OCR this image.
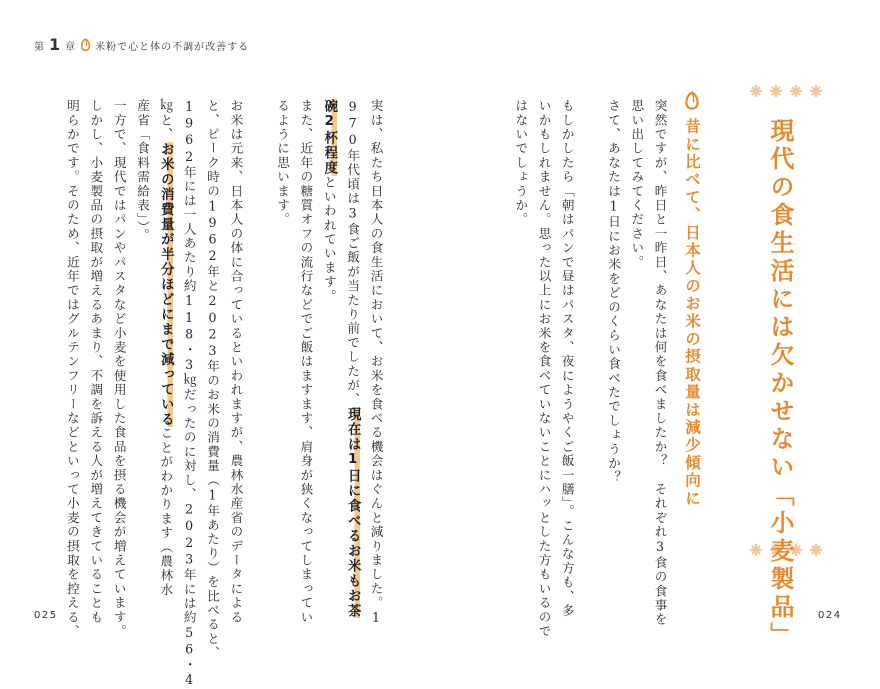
第 1 章 米粉で心と体の不調が改善する
現代の食生活には欠かせない「小麦製品」
昔に比べて、日本人のお米の摂取量は減少傾向に
突然ですが、昨日と一昨日、あなたは何を食べましたか？　それぞれ3食の食事を
思い出してみてください。
さて、あなたは1日にお米をどのくらい食べたでしょうか？
もしかしたら「朝はパンで昼はパスタ、夜にようやくご飯一膳」。こんな方も、多
いかもしれません。思った以上にお米を食べていないことにハッとした方もいるので
はないでしょうか。
実は、私たち日本人の食生活において、お米を食べる機会はぐんと減りました。1
970年代頃は3食ご飯が当たり前でしたが、現在は1日に食べるお米もお茶
碗2杯程度といわれています。
また、近年の糖質オフの流行などでご飯はますます、肩身が狭くなってしまってい
るように思います。
お米は元来、日本人の体に合っているといわれますが、農林水産省のデータによる
と、ピーク時の1962年と2023年のお米の消費量（1年あたり）を比べると、
1962年には一人あたり約118・3㎏だったのに対し、2023年には約56・4
㎏と、お米の消費量が半分ほどにまで減っていることがわかります（農林水
産省「食料需給表」）。
一方で、現代ではパンやパスタなど小麦を使用した食品を摂る機会が増えています。
しかし、小麦製品の摂取が増えるあまり、不調を訴える人が増えてきていることも
明らかです。そのため、近年ではグルテンフリーなどといって小麦の摂取を控える、	024
025
